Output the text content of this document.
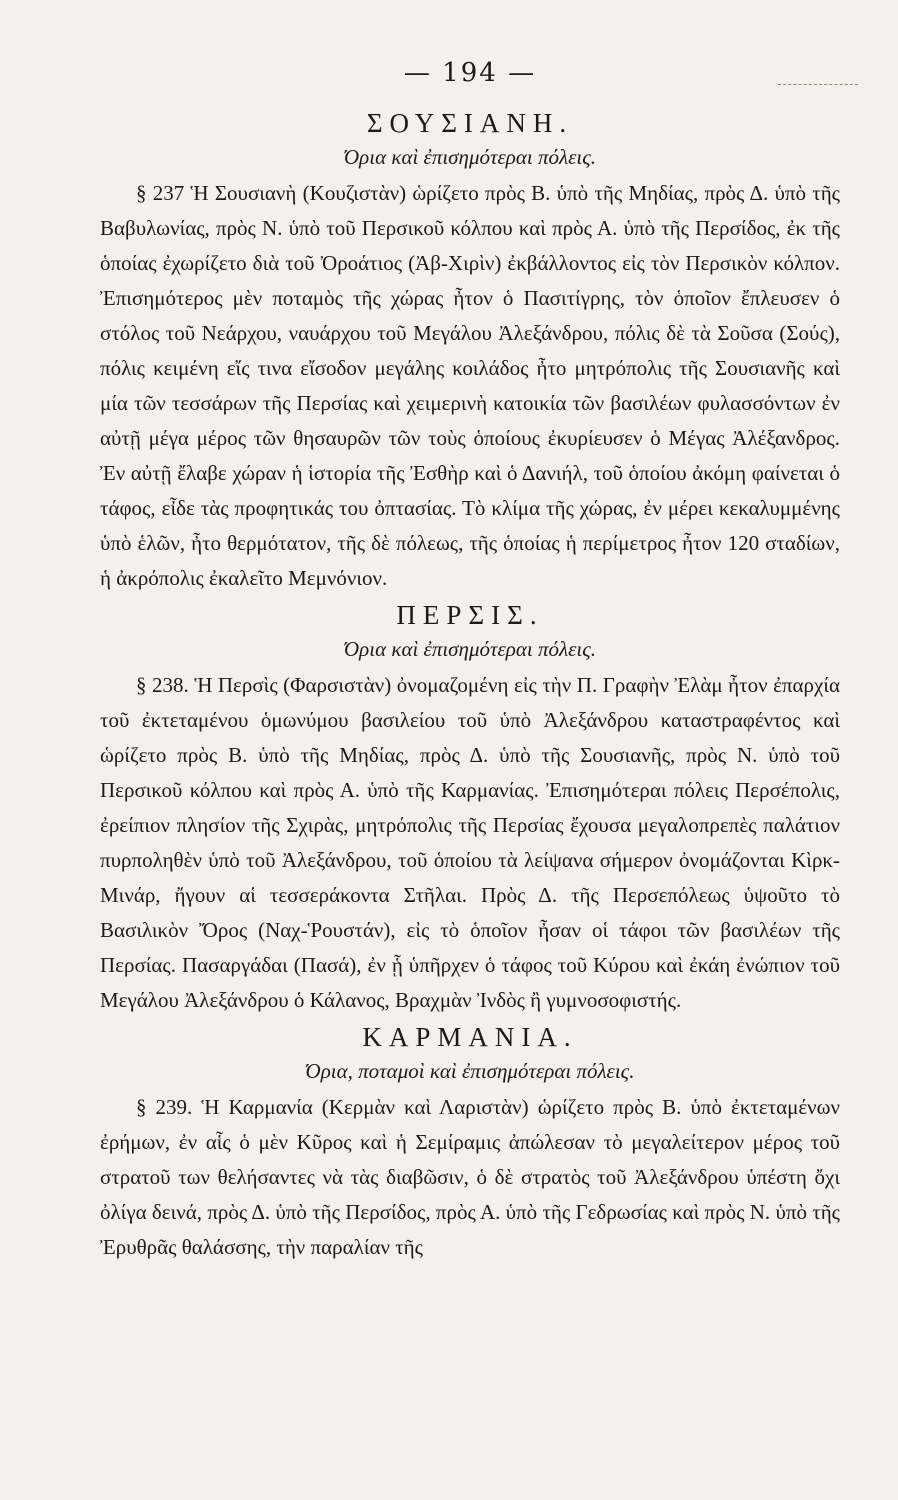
— 194 —
ΣΟΥΣΙΑΝΗ.
Όρια καὶ ἐπισημότεραι πόλεις.

§ 237 Ἡ Σουσιανὴ (Κουζιστὰν) ὡρίζετο πρὸς Β. ὑπὸ τῆς Μηδίας, πρὸς Δ. ὑπὸ τῆς Βαβυλωνίας, πρὸς Ν. ὑπὸ τοῦ Περσικοῦ κόλπου καὶ πρὸς Α. ὑπὸ τῆς Περσίδος, ἐκ τῆς ὁποίας ἐχωρίζετο διὰ τοῦ Ὀροάτιος (Ἀβ-Χιρὶν) ἐκβάλλοντος εἰς τὸν Περσικὸν κόλπον. Ἐπισημότερος μὲν ποταμὸς τῆς χώρας ἦτον ὁ Πασιτίγρης, τὸν ὁποῖον ἔπλευσεν ὁ στόλος τοῦ Νεάρχου, ναυάρχου τοῦ Μεγάλου Ἀλεξάνδρου, πόλις δὲ τὰ Σοῦσα (Σούς), πόλις κειμένη εἴς τινα εἴσοδον μεγάλης κοιλάδος ἦτο μητρόπολις τῆς Σουσιανῆς καὶ μία τῶν τεσσάρων τῆς Περσίας καὶ χειμερινὴ κατοικία τῶν βασιλέων φυλασσόντων ἐν αὐτῇ μέγα μέρος τῶν θησαυρῶν τῶν τοὺς ὁποίους ἐκυρίευσεν ὁ Μέγας Ἀλέξανδρος. Ἐν αὐτῇ ἔλαβε χώραν ἡ ἱστορία τῆς Ἐσθὴρ καὶ ὁ Δανιήλ, τοῦ ὁποίου ἀκόμη φαίνεται ὁ τάφος, εἶδε τὰς προφητικάς του ὀπτασίας. Τὸ κλίμα τῆς χώρας, ἐν μέρει κεκαλυμμένης ὑπὸ ἑλῶν, ἦτο θερμότατον, τῆς δὲ πόλεως, τῆς ὁποίας ἡ περίμετρος ἦτον 120 σταδίων, ἡ ἀκρόπολις ἐκαλεῖτο Μεμνόνιον.

ΠΕΡΣΙΣ.
Όρια καὶ ἐπισημότεραι πόλεις.

§ 238. Ἡ Περσὶς (Φαρσιστὰν) ὀνομαζομένη εἰς τὴν Π. Γραφὴν Ἐλὰμ ἦτον ἐπαρχία τοῦ ἐκτεταμένου ὁμωνύμου βασιλείου τοῦ ὑπὸ Ἀλεξάνδρου καταστραφέντος καὶ ὡρίζετο πρὸς Β. ὑπὸ τῆς Μηδίας, πρὸς Δ. ὑπὸ τῆς Σουσιανῆς, πρὸς Ν. ὑπὸ τοῦ Περσικοῦ κόλπου καὶ πρὸς Α. ὑπὸ τῆς Καρμανίας. Ἐπισημότεραι πόλεις Περσέπολις, ἐρείπιον πλησίον τῆς Σχιρὰς, μητρόπολις τῆς Περσίας ἔχουσα μεγαλοπρεπὲς παλάτιον πυρποληθὲν ὑπὸ τοῦ Ἀλεξάνδρου, τοῦ ὁποίου τὰ λείψανα σήμερον ὀνομάζονται Κὶρκ-Μινάρ, ἤγουν αἱ τεσσεράκοντα Στῆλαι. Πρὸς Δ. τῆς Περσεπόλεως ὑψοῦτο τὸ Βασιλικὸν Ὄρος (Ναχ-Ῥουστάν), εἰς τὸ ὁποῖον ἦσαν οἱ τάφοι τῶν βασιλέων τῆς Περσίας. Πασαργάδαι (Πασά), ἐν ᾗ ὑπῆρχεν ὁ τάφος τοῦ Κύρου καὶ ἐκάη ἐνώπιον τοῦ Μεγάλου Ἀλεξάνδρου ὁ Κάλανος, Βραχμὰν Ἰνδὸς ἢ γυμνοσοφιστής.

ΚΑΡΜΑΝΙΑ.
Όρια, ποταμοὶ καὶ ἐπισημότεραι πόλεις.

§ 239. Ἡ Καρμανία (Κερμὰν καὶ Λαριστὰν) ὡρίζετο πρὸς Β. ὑπὸ ἐκτεταμένων ἐρήμων, ἐν αἷς ὁ μὲν Κῦρος καὶ ἡ Σεμίραμις ἀπώλεσαν τὸ μεγαλείτερον μέρος τοῦ στρατοῦ των θελήσαντες νὰ τὰς διαβῶσιν, ὁ δὲ στρατὸς τοῦ Ἀλεξάνδρου ὑπέστη ὄχι ὀλίγα δεινά, πρὸς Δ. ὑπὸ τῆς Περσίδος, πρὸς Α. ὑπὸ τῆς Γεδρωσίας καὶ πρὸς Ν. ὑπὸ τῆς Ἐρυθρᾶς θαλάσσης, τὴν παραλίαν τῆς
